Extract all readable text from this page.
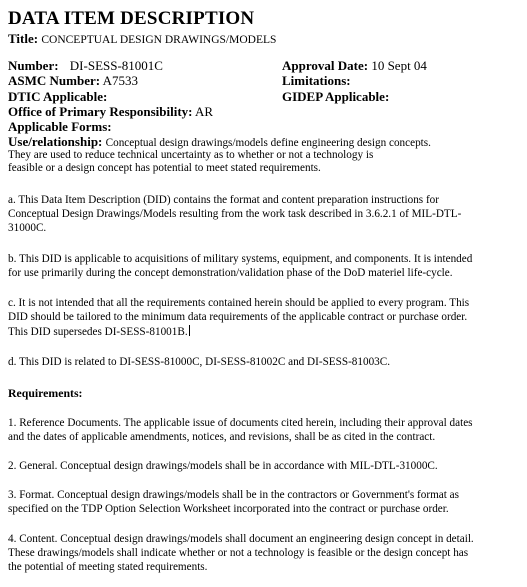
DATA ITEM DESCRIPTION
Title: CONCEPTUAL DESIGN DRAWINGS/MODELS
Number: DI-SESS-81001C	Approval Date: 10 Sept 04
ASMC Number: A7533	Limitations:
DTIC Applicable:	GIDEP Applicable:
Office of Primary Responsibility: AR
Applicable Forms:
Use/relationship: Conceptual design drawings/models define engineering design concepts.
They are used to reduce technical uncertainty as to whether or not a technology is
feasible or a design concept has potential to meet stated requirements.
a. This Data Item Description (DID) contains the format and content preparation instructions for
Conceptual Design Drawings/Models resulting from the work task described in 3.6.2.1 of MIL-DTL-
31000C.
b. This DID is applicable to acquisitions of military systems, equipment, and components. It is intended
for use primarily during the concept demonstration/validation phase of the DoD materiel life-cycle.
c. It is not intended that all the requirements contained herein should be applied to every program. This
DID should be tailored to the minimum data requirements of the applicable contract or purchase order.
This DID supersedes DI-SESS-81001B.
d. This DID is related to DI-SESS-81000C, DI-SESS-81002C and DI-SESS-81003C.
Requirements:
1. Reference Documents. The applicable issue of documents cited herein, including their approval dates
and the dates of applicable amendments, notices, and revisions, shall be as cited in the contract.
2. General. Conceptual design drawings/models shall be in accordance with MIL-DTL-31000C.
3. Format. Conceptual design drawings/models shall be in the contractors or Government's format as
specified on the TDP Option Selection Worksheet incorporated into the contract or purchase order.
4. Content. Conceptual design drawings/models shall document an engineering design concept in detail.
These drawings/models shall indicate whether or not a technology is feasible or the design concept has
the potential of meeting stated requirements.
